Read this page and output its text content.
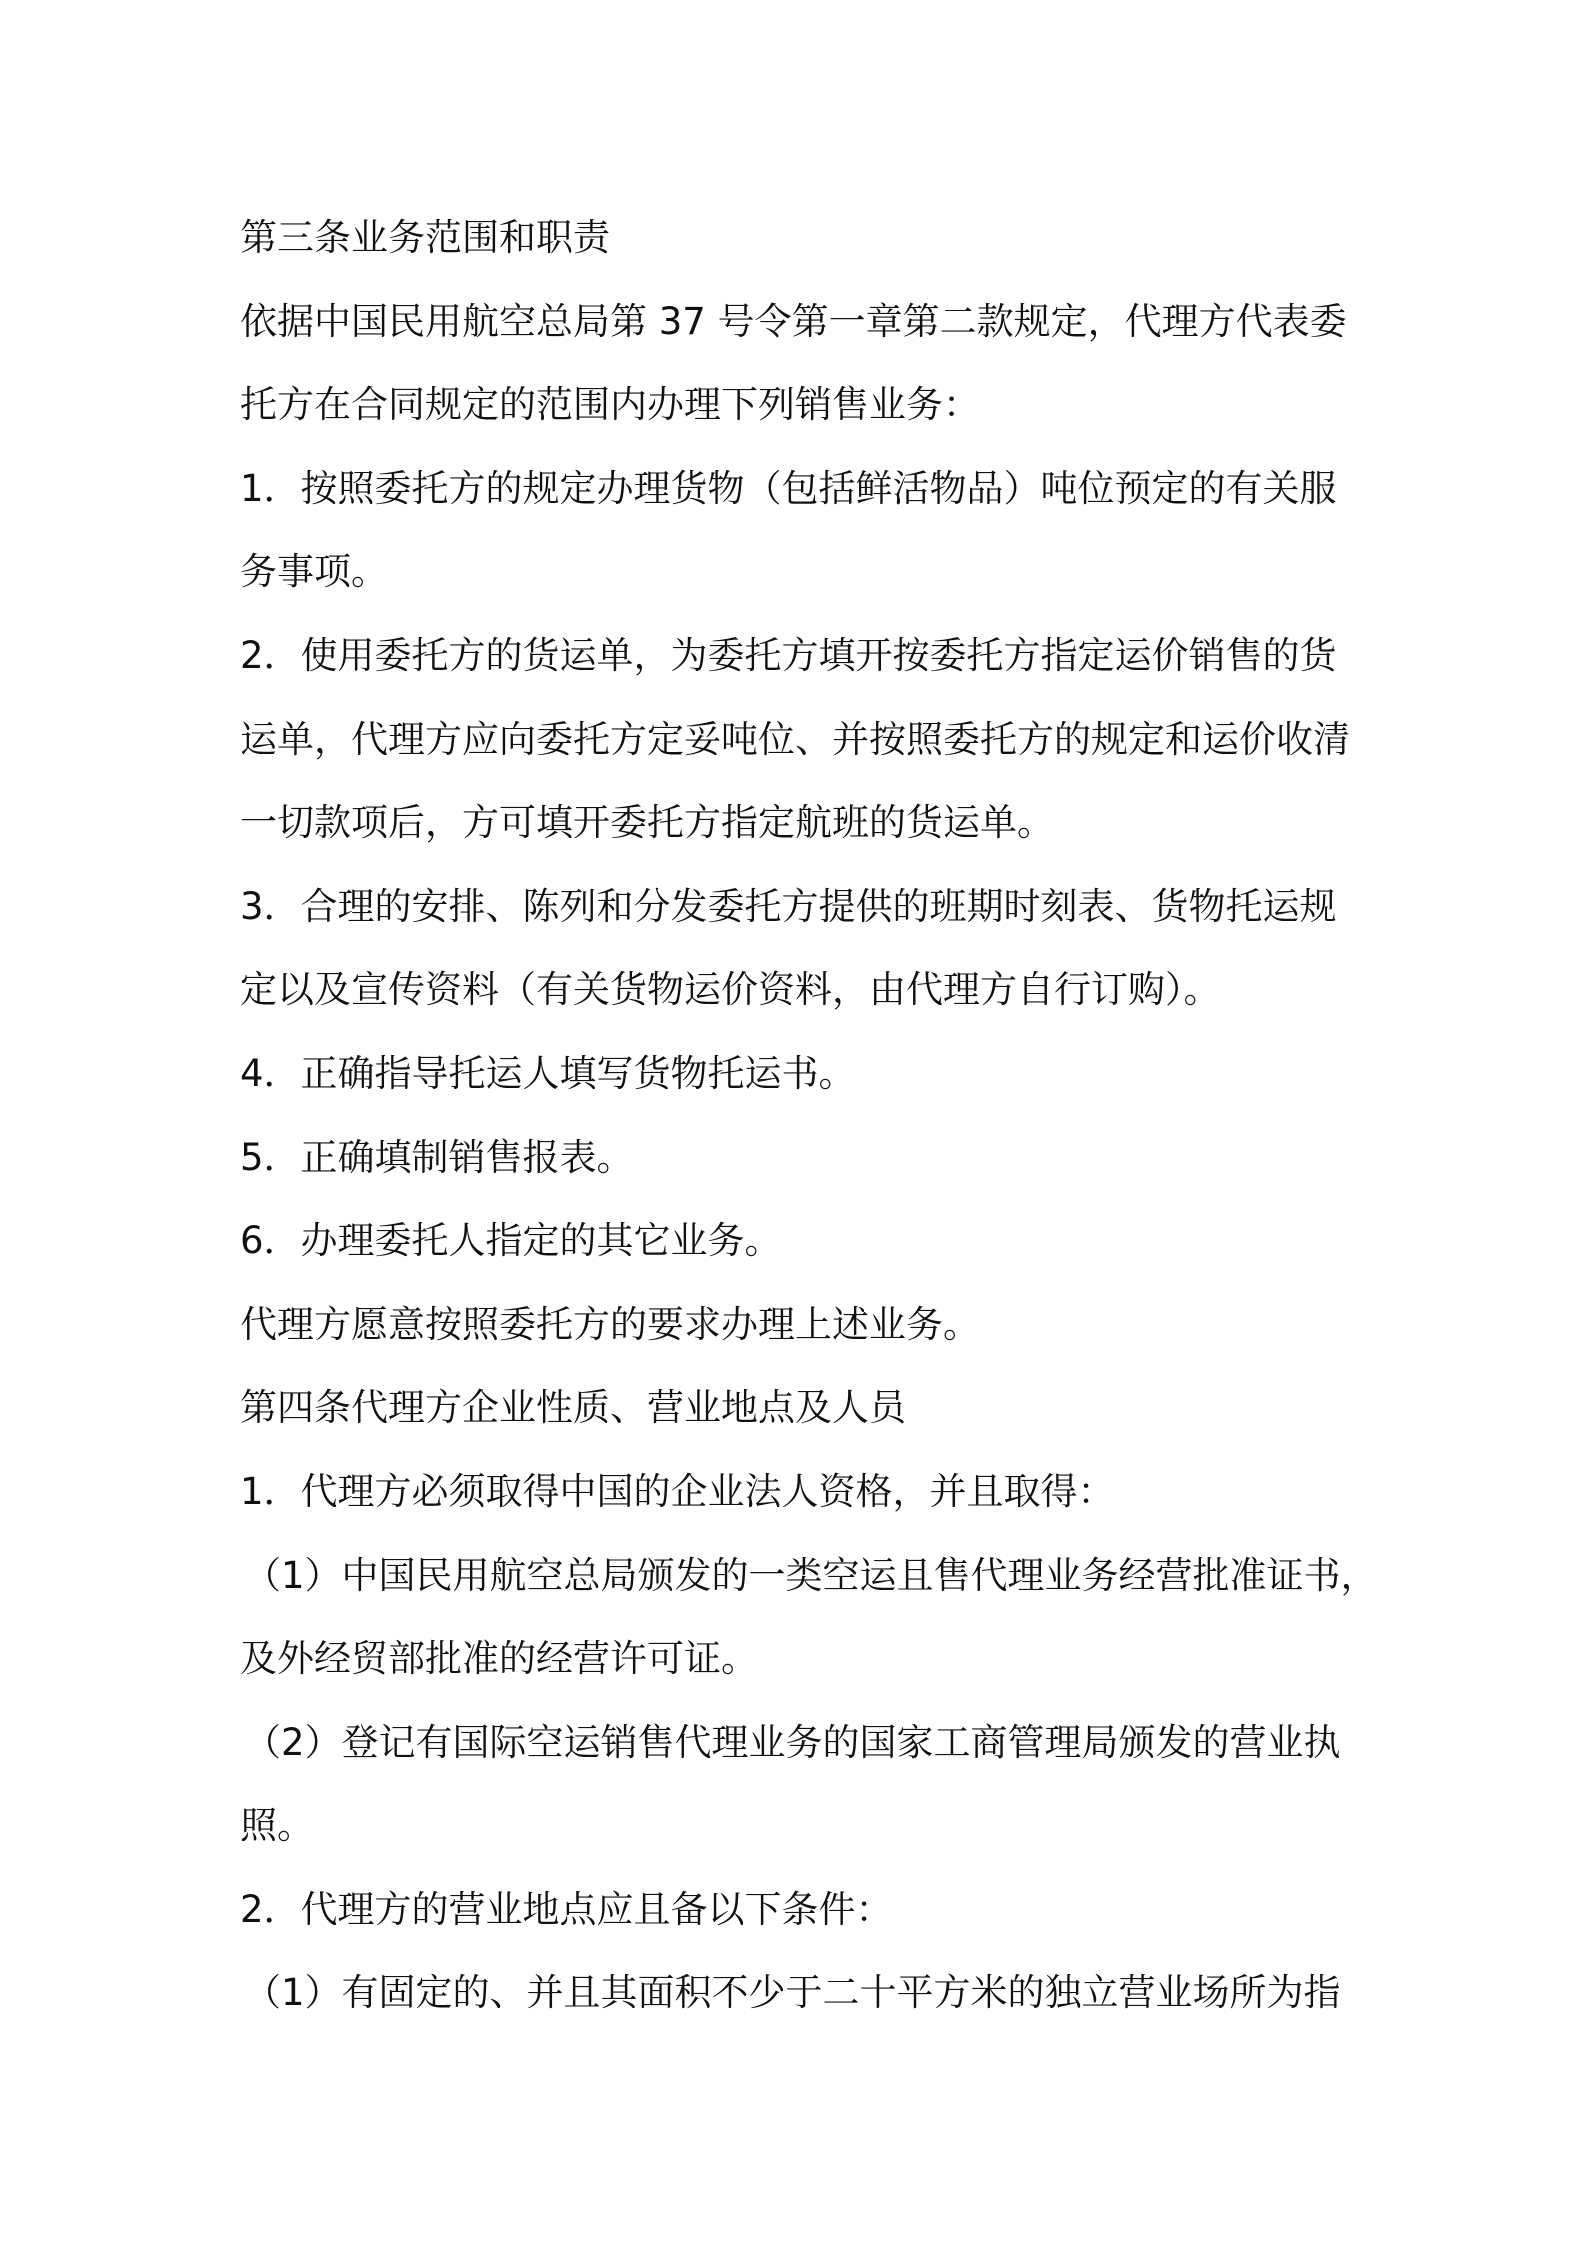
第三条业务范围和职责
依据中国民用航空总局第 37 号令第一章第二款规定，代理方代表委
托方在合同规定的范围内办理下列销售业务：
1．按照委托方的规定办理货物（包括鲜活物品）吨位预定的有关服
务事项。
2．使用委托方的货运单，为委托方填开按委托方指定运价销售的货
运单，代理方应向委托方定妥吨位、并按照委托方的规定和运价收清
一切款项后，方可填开委托方指定航班的货运单。
3．合理的安排、陈列和分发委托方提供的班期时刻表、货物托运规
定以及宣传资料（有关货物运价资料，由代理方自行订购）。
4．正确指导托运人填写货物托运书。
5．正确填制销售报表。
6．办理委托人指定的其它业务。
代理方愿意按照委托方的要求办理上述业务。
第四条代理方企业性质、营业地点及人员
1．代理方必须取得中国的企业法人资格，并且取得：
（1）中国民用航空总局颁发的一类空运且售代理业务经营批准证书，
及外经贸部批准的经营许可证。
（2）登记有国际空运销售代理业务的国家工商管理局颁发的营业执
照。
2．代理方的营业地点应且备以下条件：
（1）有固定的、并且其面积不少于二十平方米的独立营业场所为指
